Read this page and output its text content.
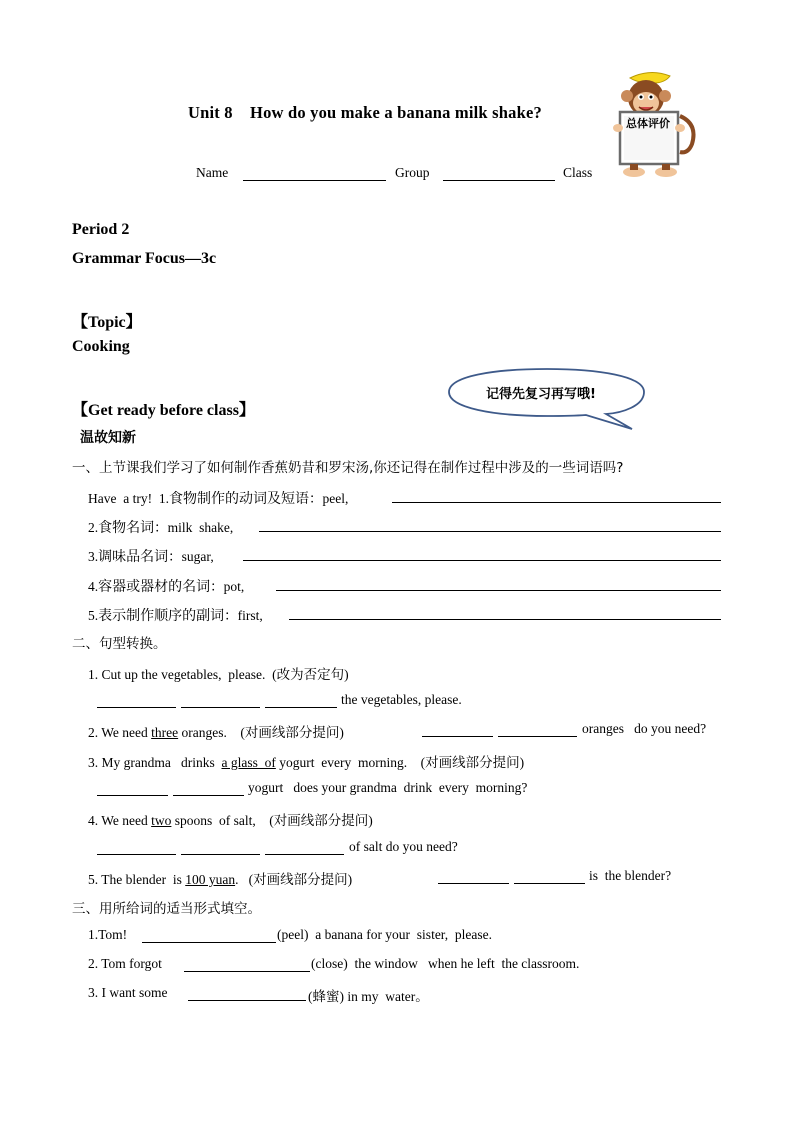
Unit 8    How do you make a banana milk shake?
Name	Group	Class
总体评价
Period 2
Grammar Focus—3c
【Topic】
Cooking
记得先复习再写哦!
【Get ready before class】
温故知新
一、上节课我们学习了如何制作香蕉奶昔和罗宋汤,你还记得在制作过程中涉及的一些词语吗?
Have  a try!  1.食物制作的动词及短语：peel,
2.食物名词：milk  shake,
3.调味品名词：sugar,
4.容器或器材的名词：pot,
5.表示制作顺序的副词：first,
二、句型转换。
1. Cut up the vegetables,  please.  (改为否定句)
the vegetables, please.
2. We need three oranges.    (对画线部分提问)	oranges   do you need?
3. My grandma   drinks  a glass  of yogurt  every  morning.    (对画线部分提问)
yogurt   does your grandma  drink  every  morning?
4. We need two spoons  of salt,    (对画线部分提问)
of salt do you need?
5. The blender  is 100 yuan.   (对画线部分提问)	is  the blender?
三、用所给词的适当形式填空。
1.Tom!	(peel)  a banana for your  sister,  please.
2. Tom forgot	(close)  the window   when he left  the classroom.
3. I want some	(蜂蜜) in my  water。
